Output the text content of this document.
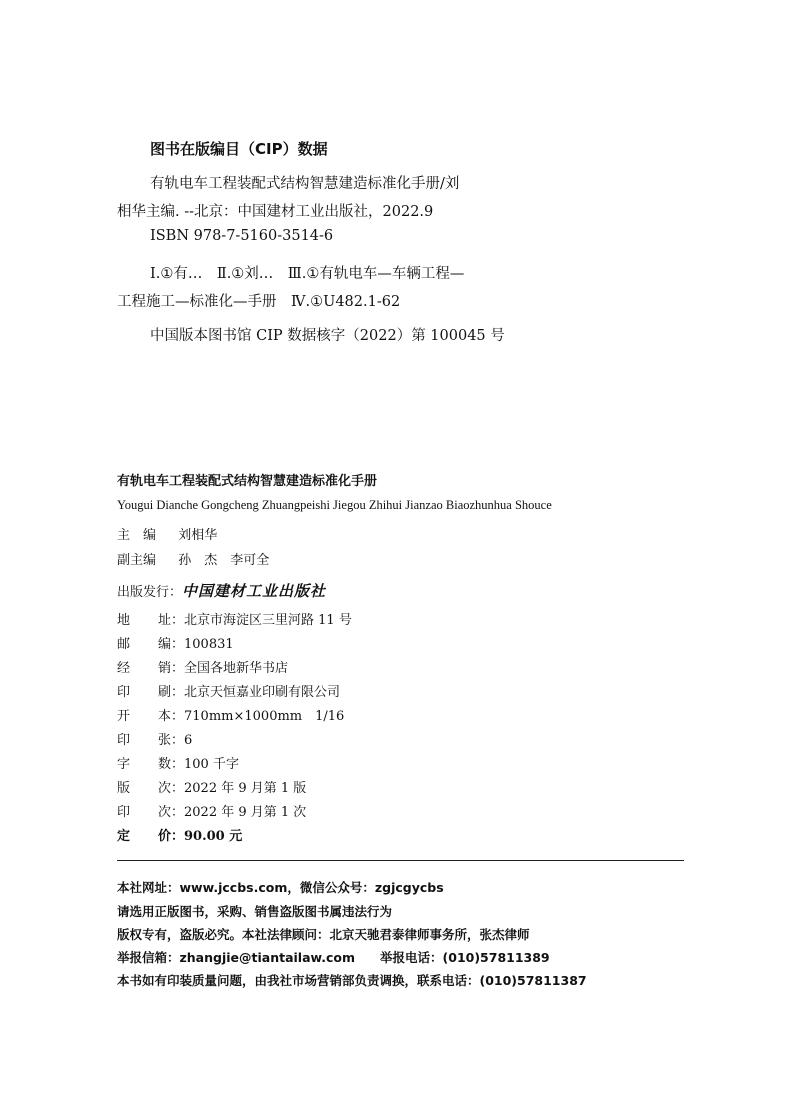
图书在版编目（CIP）数据
有轨电车工程装配式结构智慧建造标准化手册/刘
相华主编. --北京：中国建材工业出版社，2022.9
ISBN 978-7-5160-3514-6
Ⅰ.①有…　Ⅱ.①刘…　Ⅲ.①有轨电车—车辆工程—
工程施工—标准化—手册　Ⅳ.①U482.1-62
中国版本图书馆 CIP 数据核字（2022）第 100045 号
有轨电车工程装配式结构智慧建造标准化手册
Yougui Dianche Gongcheng Zhuangpeishi Jiegou Zhihui Jianzao Biaozhunhua Shouce
主　编 刘相华
副主编 孙　杰　李可全
出版发行：中国建材工业出版社
地 址 ： 北京市海淀区三里河路 11 号
邮 编 ： 100831
经 销 ： 全国各地新华书店
印 刷 ： 北京天恒嘉业印刷有限公司
开 本 ： 710mm×1000mm　1/16
印 张 ： 6
字 数 ： 100 千字
版 次 ： 2022 年 9 月第 1 版
印 次 ： 2022 年 9 月第 1 次
定 价 ： 90.00 元
本社网址：www.jccbs.com，微信公众号：zgjcgycbs
请选用正版图书，采购、销售盗版图书属违法行为
版权专有，盗版必究。本社法律顾问：北京天驰君泰律师事务所，张杰律师
举报信箱：zhangjie@tiantailaw.com　　举报电话：(010)57811389
本书如有印装质量问题，由我社市场营销部负责调换，联系电话：(010)57811387
